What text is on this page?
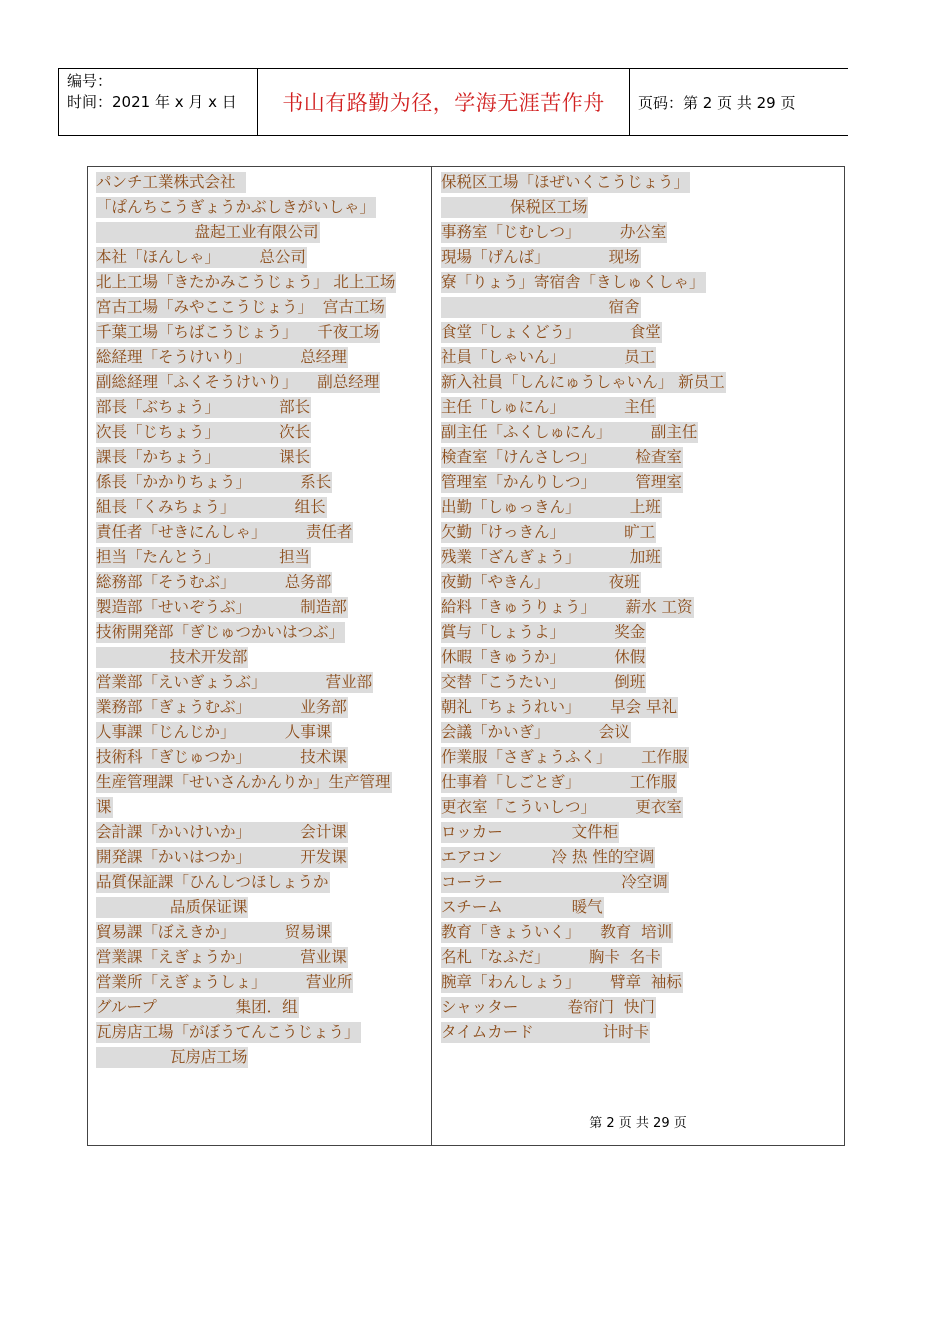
编号：
时间：2021 年 x 月 x 日	书山有路勤为径，学海无涯苦作舟 页码：第 2 页 共 29 页
パンチ工業株式会社
「ぱんちこうぎょうかぶしきがいしゃ」
盘起工业有限公司
本社「ほんしゃ」        总公司
北上工場「きたかみこうじょう」 北上工场
宮古工場「みやここうじょう」  宫古工场
千葉工場「ちばこうじょう」    千夜工场
総経理「そうけいり」          总经理
副総経理「ふくそうけいり」    副总经理
部長「ぶちょう」            部长
次長「じちょう」            次长
課長「かちょう」            课长
係長「かかりちょう」          系长
組長「くみちょう」            组长
責任者「せきにんしゃ」        责任者
担当「たんとう」            担当
総務部「そうむぶ」          总务部
製造部「せいぞうぶ」          制造部
技術開発部「ぎじゅつかいはつぶ」
技术开发部
営業部「えいぎょうぶ」            营业部
業務部「ぎょうむぶ」          业务部
人事課「じんじか」          人事课
技術科「ぎじゅつか」          技术课
生産管理課「せいさんかんりか」生产管理
课
会計課「かいけいか」          会计课
開発課「かいはつか」          开发课
品質保証課「ひんしつほしょうか
品质保证课
貿易課「ぼえきか」          贸易课
営業課「えぎょうか」          营业课
営業所「えぎょうしょ」        营业所
グループ                集团．组
瓦房店工場「がぼうてんこうじょう」
瓦房店工场
保税区工場「ほぜいくこうじょう」
保税区工场
事務室「じむしつ」        办公室
現場「げんば」            现场
寮「りょう」寄宿舎「きしゅくしゃ」
宿舍
食堂「しょくどう」          食堂
社員「しゃいん」            员工
新入社員「しんにゅうしゃいん」 新员工
主任「しゅにん」            主任
副主任「ふくしゅにん」        副主任
検査室「けんさしつ」        检查室
管理室「かんりしつ」        管理室
出勤「しゅっきん」          上班
欠勤「けっきん」            旷工
残業「ざんぎょう」          加班
夜勤「やきん」            夜班
給料「きゅうりょう」      薪水 工资
賞与「しょうよ」          奖金
休暇「きゅうか」          休假
交替「こうたい」          倒班
朝礼「ちょうれい」      早会 早礼
会議「かいぎ」          会议
作業服「さぎょうふく」      工作服
仕事着「しごとぎ」          工作服
更衣室「こういしつ」        更衣室
ロッカー              文件柜
エアコン          冷 热 性的空调
コーラー                        冷空调
スチーム              暖气
教育「きょういく」    教育  培训
名札「なふだ」        胸卡  名卡
腕章「わんしょう」      臂章  袖标
シャッター          卷帘门  快门
タイムカード              计时卡
第 2 页 共 29 页
